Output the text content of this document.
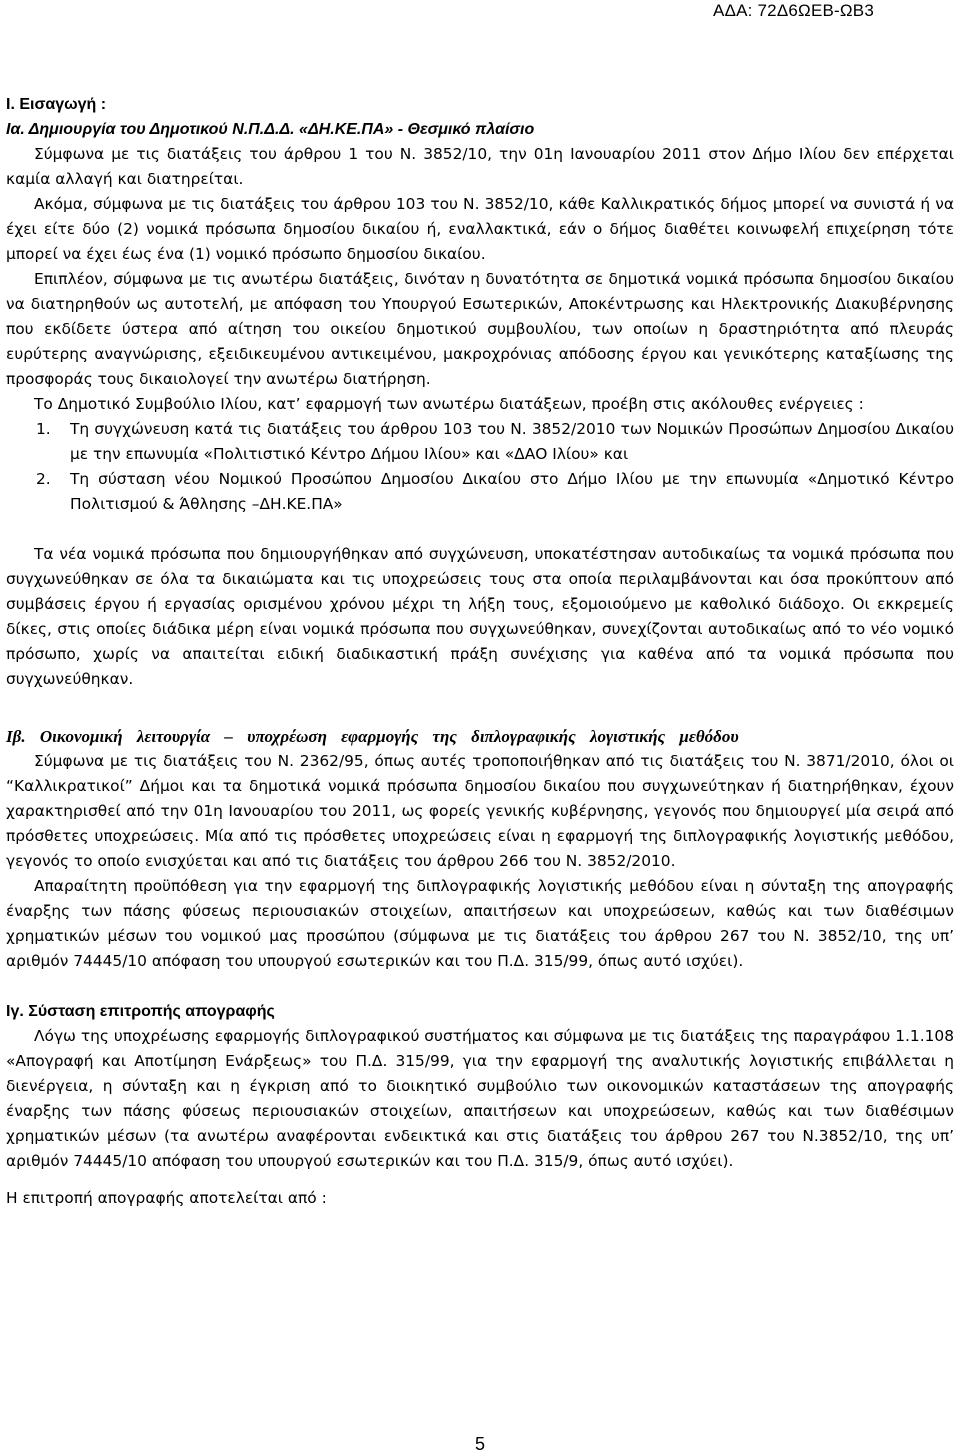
ΑΔΑ: 72Δ6ΩΕΒ-ΩΒ3

Ι. Εισαγωγή :

Ια. Δημιουργία του Δημοτικού Ν.Π.Δ.Δ. «ΔΗ.ΚΕ.ΠΑ» - Θεσμικό πλαίσιο

Σύμφωνα με τις διατάξεις του άρθρου 1 του Ν. 3852/10, την 01η Ιανουαρίου 2011 στον Δήμο Ιλίου δεν επέρχεται καμία αλλαγή και διατηρείται.

Ακόμα, σύμφωνα με τις διατάξεις του άρθρου 103 του Ν. 3852/10, κάθε Καλλικρατικός δήμος μπορεί να συνιστά ή να έχει είτε δύο (2) νομικά πρόσωπα δημοσίου δικαίου ή, εναλλακτικά, εάν ο δήμος διαθέτει κοινωφελή επιχείρηση τότε μπορεί να έχει έως ένα (1) νομικό πρόσωπο δημοσίου δικαίου.

Επιπλέον, σύμφωνα με τις ανωτέρω διατάξεις, δινόταν η δυνατότητα σε δημοτικά νομικά πρόσωπα δημοσίου δικαίου να διατηρηθούν ως αυτοτελή, με απόφαση του Υπουργού Εσωτερικών, Αποκέντρωσης και Ηλεκτρονικής Διακυβέρνησης που εκδίδετε ύστερα από αίτηση του οικείου δημοτικού συμβουλίου, των οποίων η δραστηριότητα από πλευράς ευρύτερης αναγνώρισης, εξειδικευμένου αντικειμένου, μακροχρόνιας απόδοσης έργου και γενικότερης καταξίωσης της προσφοράς τους δικαιολογεί την ανωτέρω διατήρηση.

Το Δημοτικό Συμβούλιο Ιλίου, κατ’ εφαρμογή των ανωτέρω διατάξεων, προέβη στις ακόλουθες ενέργειες :

1. Τη συγχώνευση κατά τις διατάξεις του άρθρου 103 του Ν. 3852/2010 των Νομικών Προσώπων Δημοσίου Δικαίου με την επωνυμία «Πολιτιστικό Κέντρο Δήμου Ιλίου» και «ΔΑΟ Ιλίου» και
2. Τη σύσταση νέου Νομικού Προσώπου Δημοσίου Δικαίου στο Δήμο Ιλίου με την επωνυμία «Δημοτικό Κέντρο Πολιτισμού & Άθλησης –ΔΗ.ΚΕ.ΠΑ»

Τα νέα νομικά πρόσωπα που δημιουργήθηκαν από συγχώνευση, υποκατέστησαν αυτοδικαίως τα νομικά πρόσωπα που συγχωνεύθηκαν σε όλα τα δικαιώματα και τις υποχρεώσεις τους στα οποία περιλαμβάνονται και όσα προκύπτουν από συμβάσεις έργου ή εργασίας ορισμένου χρόνου μέχρι τη λήξη τους, εξομοιούμενο με καθολικό διάδοχο. Οι εκκρεμείς δίκες, στις οποίες διάδικα μέρη είναι νομικά πρόσωπα που συγχωνεύθηκαν, συνεχίζονται αυτοδικαίως από το νέο νομικό πρόσωπο, χωρίς να απαιτείται ειδική διαδικαστική πράξη συνέχισης για καθένα από τα νομικά πρόσωπα που συγχωνεύθηκαν.

Ιβ. Οικονομική λειτουργία – υποχρέωση εφαρμογής της διπλογραφικής λογιστικής μεθόδου

Σύμφωνα με τις διατάξεις του Ν. 2362/95, όπως αυτές τροποποιήθηκαν από τις διατάξεις του Ν. 3871/2010, όλοι οι “Καλλικρατικοί” Δήμοι και τα δημοτικά νομικά πρόσωπα δημοσίου δικαίου που συγχωνεύτηκαν ή διατηρήθηκαν, έχουν χαρακτηρισθεί από την 01η Ιανουαρίου του 2011, ως φορείς γενικής κυβέρνησης, γεγονός που δημιουργεί μία σειρά από πρόσθετες υποχρεώσεις. Μία από τις πρόσθετες υποχρεώσεις είναι η εφαρμογή της διπλογραφικής λογιστικής μεθόδου, γεγονός το οποίο ενισχύεται και από τις διατάξεις του άρθρου 266 του Ν. 3852/2010.

Απαραίτητη προϋπόθεση για την εφαρμογή της διπλογραφικής λογιστικής μεθόδου είναι η σύνταξη της απογραφής έναρξης των πάσης φύσεως περιουσιακών στοιχείων, απαιτήσεων και υποχρεώσεων, καθώς και των διαθέσιμων χρηματικών μέσων του νομικού μας προσώπου (σύμφωνα με τις διατάξεις του άρθρου 267 του Ν. 3852/10, της υπ’ αριθμόν 74445/10 απόφαση του υπουργού εσωτερικών και του Π.Δ. 315/99, όπως αυτό ισχύει).

Ιγ. Σύσταση επιτροπής απογραφής

Λόγω της υποχρέωσης εφαρμογής διπλογραφικού συστήματος και σύμφωνα με τις διατάξεις της παραγράφου 1.1.108 «Απογραφή και Αποτίμηση Ενάρξεως» του Π.Δ. 315/99, για την εφαρμογή της αναλυτικής λογιστικής επιβάλλεται η διενέργεια, η σύνταξη και η έγκριση από το διοικητικό συμβούλιο των οικονομικών καταστάσεων της απογραφής έναρξης των πάσης φύσεως περιουσιακών στοιχείων, απαιτήσεων και υποχρεώσεων, καθώς και των διαθέσιμων χρηματικών μέσων (τα ανωτέρω αναφέρονται ενδεικτικά και στις διατάξεις του άρθρου 267 του Ν.3852/10, της υπ’ αριθμόν 74445/10 απόφαση του υπουργού εσωτερικών και του Π.Δ. 315/9, όπως αυτό ισχύει).

Η επιτροπή απογραφής αποτελείται από :

5
